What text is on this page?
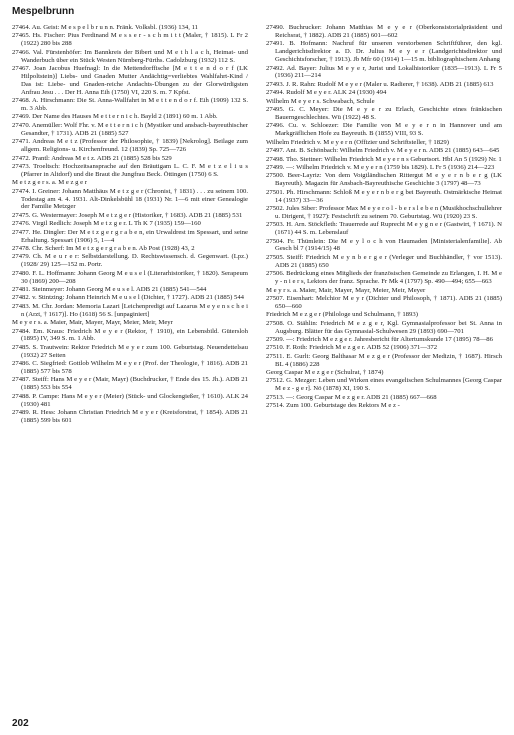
Mespelbrunn
27464. Au. Geist: M e s p e l b r u n n. Fränk. Volksbl. (1936) 134, 11
27465. Hs. Fischer: Pius Ferdinand M e s s e r - s c h m i t t (Maler, † 1815). L Fr 2 (1922) 280 bis 288
27466. Val. Fürstenhöfer: Im Bannkreis der Bibert und M e t h l a c h, Heimat- und Wanderbuch über ein Stück Westen Nürnberg-Fürths. Cadolzburg (1932) 112 S.
27467. Joan Jacobus Huefnagl: In die Mettendorffische [M e t t e n d o r f (LK Hilpoltstein)] Liebs- und Gnaden Mutter Andächtig=verliebtes Wahlfahrt-Kind / Das ist: Liebe- und Gnaden-reiche Andachts-Übungen zu der Glorwürdigsten Anfrau Jesu . . . Der H. Anna Eih (1750) VI, 220 S. m. 7 Kpfst.
27468. A. Hirschmann: Die St. Anna-Wallfahrt in M e t t e n d o r f. Eih (1909) 132 S. m. 3 Abb.
27469. Der Name des Hauses M e t t e r n i c h. Bayld 2 (1891) 60 m. 1 Abb.
27470. Anemüller: Wolf Fhr. v. M e t t e r n i c h (Mystiker und ansbach-bayreuthischer Gesandter, † 1731). ADB 21 (1885) 527
27471. Andreas M e t z (Professor der Philosophie, † 1839) [Nekrolog]. Beilage zum allgem. Religions- u. Kirchenfreund. 12 (1839) Sp. 725—726
27472. Prantl: Andreas M e t z. ADB 21 (1885) 528 bis 529
27473. Troeltsch: Hochzeitsansprache auf den Bräutigam L. C. F. M e t z e l i u s (Pfarrer in Altdorf) und die Braut die Jungfrau Beck. Öttingen (1750) 6 S.
M e t z g e r s. a. M e z g e r
27474. I. Greiner: Johann Matthäus M e t z g e r (Chronist, † 1831) . . . zu seinem 100. Todestag am 4. 4. 1931. Alt-Dinkelsbühl 18 (1931) Nr. 1—6 mit einer Genealogie der Familie Metzger
27475. G. Westermayer: Joseph M e t z g e r (Historiker, † 1683). ADB 21 (1885) 531
27476. Virgil Redlich: Joseph M e t z g e r. L Th K 7 (1935) 159—160
27477. He. Dingler: Der M e t z g e r g r a b e n, ein Urwaldrest im Spessart, und seine Erhaltung. Spessart (1906) 5, 1—4
27478. Chr. Scherf: Im M e t z g e r g r a b e n. Ab Post (1928) 43, 2
27479. Ch. M e u r e r: Selbstdarstellung. D. Rechtswissensch. d. Gegenwart. (Lpz.) (1928/ 29) 125—152 m. Portr.
27480. F. L. Hoffmann: Johann Georg M e u s e l (Literarhistoriker, † 1820). Serapeum 30 (1869) 200—208
27481. Steinmeyer: Johann Georg M e u s e l. ADB 21 (1885) 541—544
27482. v. Stintzing: Johann Heinrich M e u s e l (Dichter, † 1727). ADB 21 (1885) 544
27483. M. Chr. Jordan: Memoria Lazari [Leichenpredigt auf Lazarus M e y e n s c h e i n (Arzt, † 1617)]. Ho (1618) 56 S. [unpaginiert]
M e y e r s. a. Maier, Mair, Mayer, Mayr, Meier, Meir, Meyr
27484. Em. Kraus: Friedrich M e y e r (Rektor, † 1910), ein Lebensbild. Gütersloh (1895) IV, 349 S. m. 1 Abb.
27485. S. Trautwein: Rektor Friedrich M e y e r zum 100. Geburtstag. Neuendettelsau (1932) 27 Seiten
27486. C. Siegfried: Gottlob Wilhelm M e y e r (Prof. der Theologie, † 1816). ADB 21 (1885) 577 bis 578
27487. Steiff: Hans M e y e r (Mair, Mayr) (Buchdrucker, † Ende des 15. Jh.). ADB 21 (1885) 553 bis 554
27488. P. Campe: Hans M e y e r (Meier) (Stück- und Glockengießer, † 1610). ALK 24 (1930) 481
27489. R. Hess: Johann Christian Friedrich M e y e r (Kreisforstrat, † 1854). ADB 21 (1885) 599 bis 601
27490. Buchrucker: Johann Matthias M e y e r (Oberkonsistorialpräsident und Reichsrat, † 1882). ADB 21 (1885) 601—602
27491. B. Hofmann: Nachruf für unseren verstorbenen Schriftführer, den kgl. Landgerichtsdirektor a. D. Dr. Julius M e y e r (Landgerichtsdirektor und Geschichtsforscher, † 1913). Jb Mfr 60 (1914) 1—15 m. bibliographischem Anhang
27492. Ad. Bayer: Julius M e y e r, Jurist und Lokalhistoriker (1835—1913). L Fr 5 (1936) 211—214
27493. J. R. Rahn: Rudolf M e y e r (Maler u. Radierer, † 1638). ADB 21 (1885) 613
27494. Rudolf M e y e r. ALK 24 (1930) 494
Wilhelm M e y e r s. Schwabach, Schule
27495. G. C. Meyer: Die M e y e r zu Erlach, Geschichte eines fränkischen Bauerngeschlechtes. Wü (1922) 48 S.
27496. Cu. v. Schloezer: Die Familie von M e y e r n in Hannover und am Markgräflichen Hofe zu Bayreuth. B (1855) VIII, 93 S.
Wilhelm Friedrich v. M e y e r n (Offizier und Schriftsteller, † 1829)
27497. Ant. B. Schönbach: Wilhelm Friedrich v. M e y e r n. ADB 21 (1885) 643—645
27498. Tho. Stettner: Wilhelm Friedrich M e y e r n s Geburtsort. HbI An 5 (1929) Nr. 1
27499. —: Wilhelm Friedrich v. M e y e r n (1759 bis 1829). L Fr 5 (1936) 214—223
27500. Beer-Layriz: Von dem Voigtländischen Rittergut M e y e r n b e r g (LK Bayreuth). Magazin für Ansbach-Bayreuthische Geschichte 3 (1797) 48—73
27501. Ph. Hirschmann: Schloß M e y e r n b e r g bei Bayreuth. Ostmärkische Heimat 14 (1937) 33—36
27502. Jules Siber: Professor Max M e y e r o l - b e r s l e b e n (Musikhochschullehrer u. Dirigent, † 1927): Festschrift zu seinem 70. Geburtstag. Wü (1920) 23 S.
27503. H. Arn. Stöckfleth: Trauerrede auf Ruprecht M e y g n e r (Gastwirt, † 1671). N (1671) 44 S. m. Lebenslauf
27504. Fr. Thümlein: Die M e y l o c h von Haumaden [Ministerialenfamilie]. Ab Gesch bl 7 (1914/15) 48
27505. Steiff: Friedrich M e y n b e r g e r (Verleger und Buchhändler, † vor 1513). ADB 21 (1885) 650
27506. Bedrückung eines Mitglieds der französischen Gemeinde zu Erlangen, I. H. M e y - n i e r s, Lektors der franz. Sprache. Fr Mk 4 (1797) Sp. 490—494; 655—663
M e y r s. a. Maier, Mair, Mayer, Mayr, Meier, Meir, Meyer
27507. Eisenhart: Melchior M e y r (Dichter und Philosoph, † 1871). ADB 21 (1885) 650—660
Friedrich M e z g e r (Philologe und Schulmann, † 1893)
27508. O. Stählin: Friedrich M e z g e r, Kgl. Gymnasialprofessor bei St. Anna in Augsburg. Blätter für das Gymnasial-Schulwesen 29 (1893) 690—701
27509. —: Friedrich M e z g e r. Jahresbericht für Altertumskunde 17 (1895) 78—86
27510. F. Roth: Friedrich M e z g e r. ADB 52 (1906) 371—372
27511. E. Gurlt: Georg Balthasar M e z g e r (Professor der Medizin, † 1687). Hirsch BL 4 (1886) 228
Georg Caspar M e z g e r (Schulrat, † 1874)
27512. G. Mezger: Leben und Wirken eines evangelischen Schulmannes [Georg Caspar M e z - g e r]. Nö (1878) XI, 190 S.
27513. —: Georg Caspar M e z g e r. ADB 21 (1885) 667—668
27514. Zum 100. Geburtstage des Rektors M e z -
202
